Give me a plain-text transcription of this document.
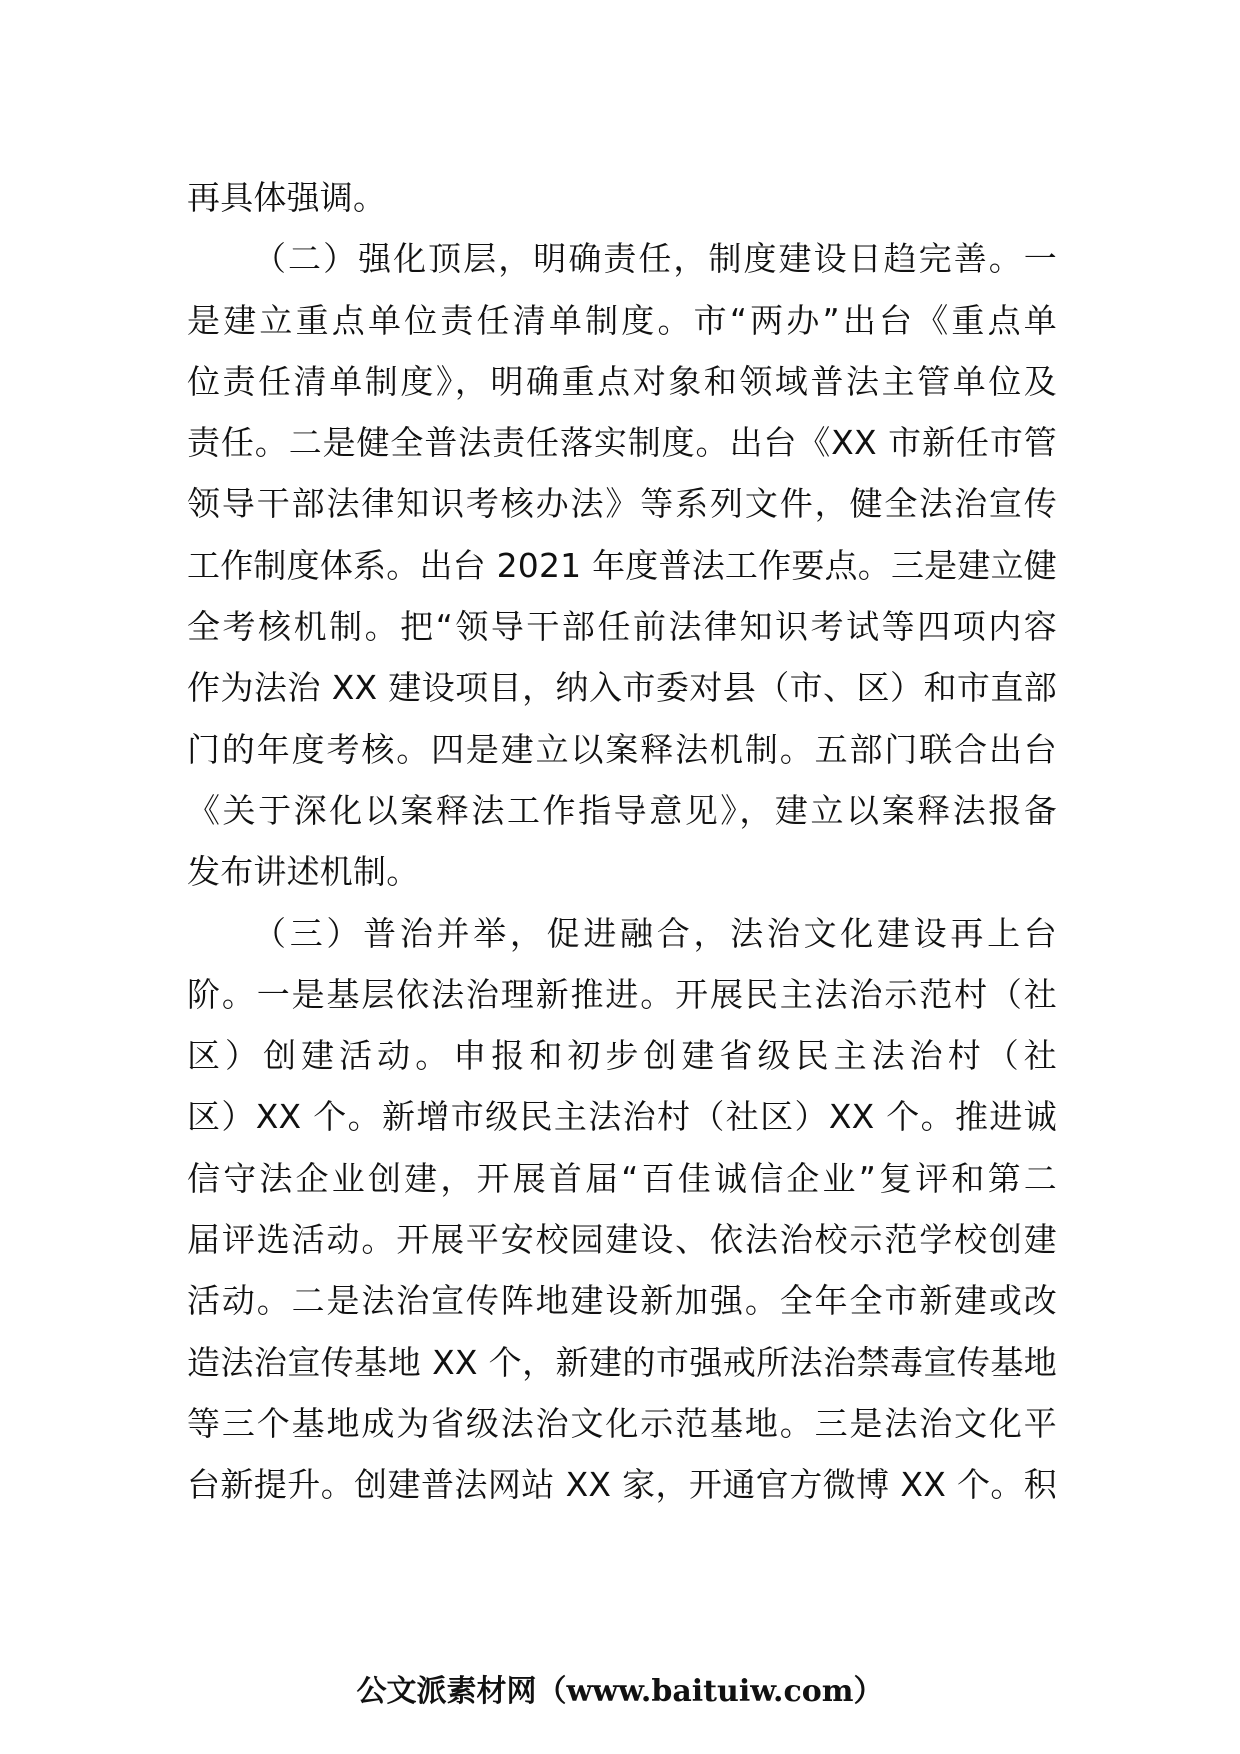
再具体强调。
（二）强化顶层，明确责任，制度建设日趋完善。一
是建立重点单位责任清单制度。市“两办”出台《重点单
位责任清单制度》，明确重点对象和领域普法主管单位及
责任。二是健全普法责任落实制度。出台《XX 市新任市管
领导干部法律知识考核办法》等系列文件，健全法治宣传
工作制度体系。出台 2021 年度普法工作要点。三是建立健
全考核机制。把“领导干部任前法律知识考试等四项内容
作为法治 XX 建设项目，纳入市委对县（市、区）和市直部
门的年度考核。四是建立以案释法机制。五部门联合出台
《关于深化以案释法工作指导意见》，建立以案释法报备
发布讲述机制。
（三）普治并举，促进融合，法治文化建设再上台
阶。一是基层依法治理新推进。开展民主法治示范村（社
区）创建活动。申报和初步创建省级民主法治村（社
区）XX 个。新增市级民主法治村（社区）XX 个。推进诚
信守法企业创建，开展首届“百佳诚信企业”复评和第二
届评选活动。开展平安校园建设、依法治校示范学校创建
活动。二是法治宣传阵地建设新加强。全年全市新建或改
造法治宣传基地 XX 个，新建的市强戒所法治禁毒宣传基地
等三个基地成为省级法治文化示范基地。三是法治文化平
台新提升。创建普法网站 XX 家，开通官方微博 XX 个。积
公文派素材网（www.baituiw.com）
